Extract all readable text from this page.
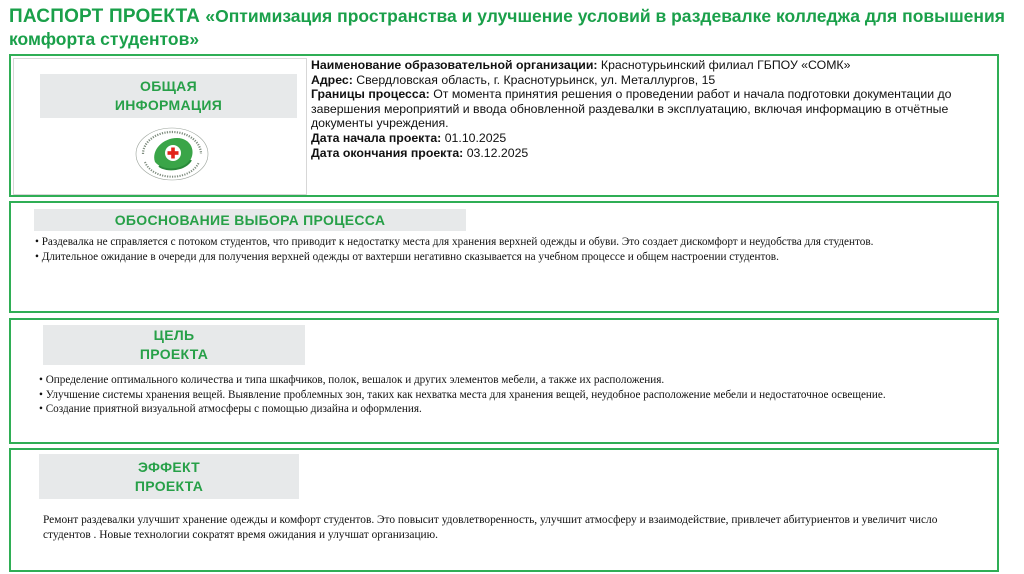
ПАСПОРТ ПРОЕКТА «Оптимизация пространства и улучшение условий в раздевалке колледжа для повышения комфорта студентов»
ОБЩАЯ
ИНФОРМАЦИЯ
Наименование образовательной организации: Краснотурьинский филиал ГБПОУ «СОМК»
Адрес: Свердловская область, г. Краснотурьинск, ул. Металлургов, 15
Границы процесса: От момента принятия решения о проведении работ и начала подготовки документации до завершения мероприятий и ввода обновленной раздевалки в эксплуатацию, включая информацию в отчётные документы учреждения.
Дата начала проекта: 01.10.2025
Дата окончания проекта: 03.12.2025
ОБОСНОВАНИЕ ВЫБОРА ПРОЦЕССА
• Раздевалка не справляется с потоком студентов, что приводит к недостатку места для хранения верхней одежды и обуви. Это создает дискомфорт и неудобства для студентов.
• Длительное ожидание в очереди для получения верхней одежды от вахтерши негативно сказывается на учебном процессе и общем настроении студентов.
ЦЕЛЬ
ПРОЕКТА
• Определение оптимального количества и типа шкафчиков, полок, вешалок и других элементов мебели, а также их расположения.
• Улучшение системы хранения вещей. Выявление проблемных зон, таких как нехватка места для хранения вещей, неудобное расположение мебели и недостаточное освещение.
• Создание приятной визуальной атмосферы с помощью дизайна и оформления.
ЭФФЕКТ
ПРОЕКТА
Ремонт раздевалки улучшит хранение одежды и комфорт студентов. Это повысит удовлетворенность, улучшит атмосферу и взаимодействие, привлечет абитуриентов и увеличит число студентов . Новые технологии сократят время ожидания и улучшат организацию.
